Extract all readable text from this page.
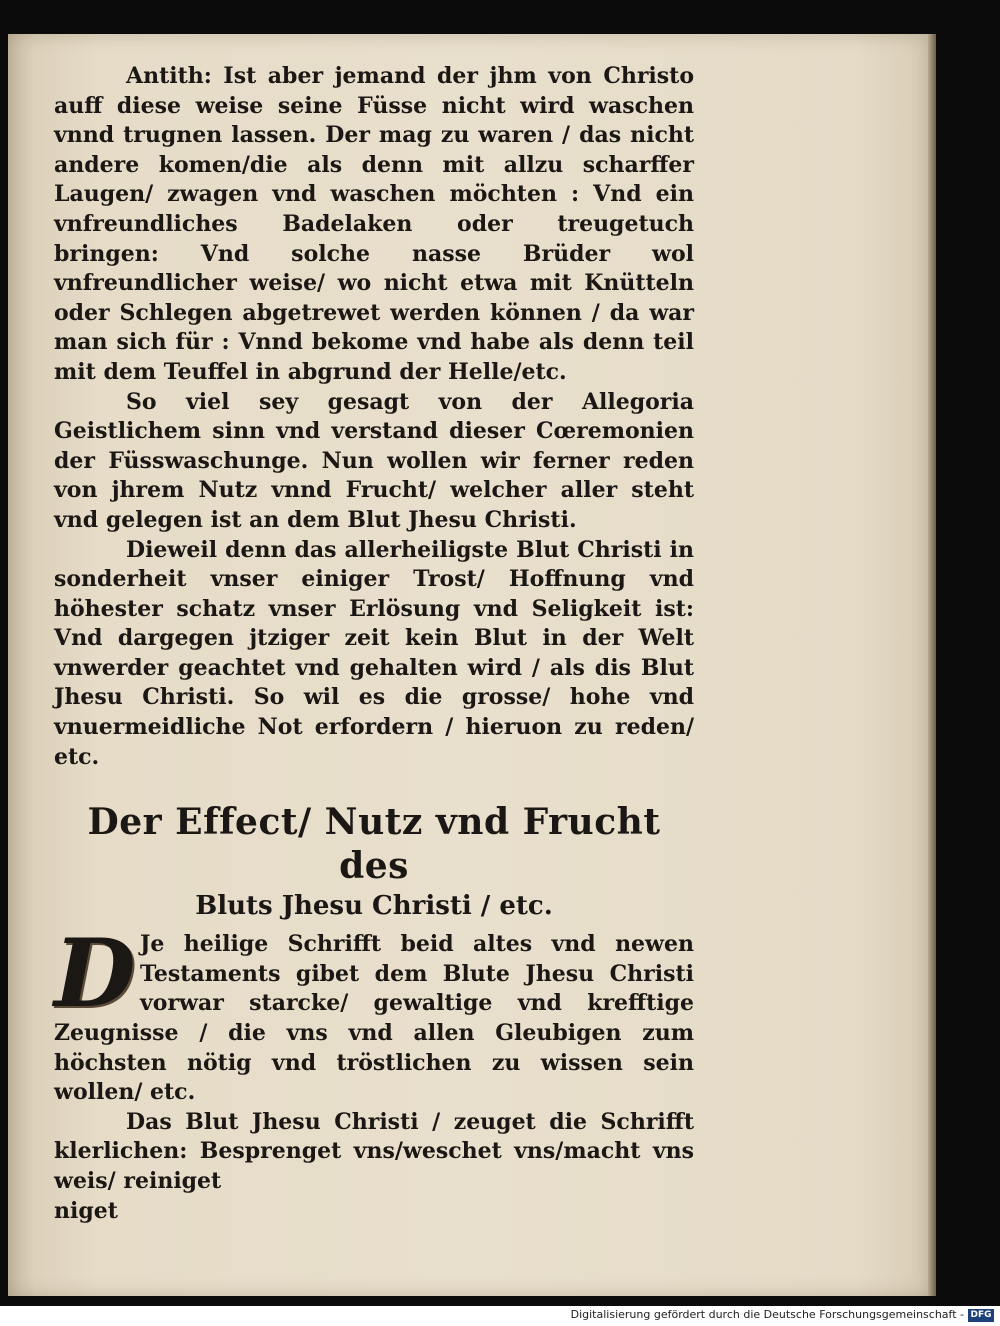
Antith: Ist aber jemand der jhm von Christo auff diese weise seine Füsse nicht wird waschen vnnd trugnen lassen. Der mag zu waren / das nicht andere komen/die als denn mit allzu scharffer Laugen/ zwagen vnd waschen möchten : Vnd ein vnfreundliches Badelaken oder treugetuch bringen: Vnd solche nasse Brüder wol vnfreundlicher weise/ wo nicht etwa mit Knütteln oder Schlegen abgetrewet werden können / da war man sich für : Vnnd bekome vnd habe als denn teil mit dem Teuffel in abgrund der Helle/etc.

So viel sey gesagt von der Allegoria Geistlichem sinn vnd verstand dieser Cœremonien der Füsswaschunge. Nun wollen wir ferner reden von jhrem Nutz vnnd Frucht/ welcher aller steht vnd gelegen ist an dem Blut Jhesu Christi.

Dieweil denn das allerheiligste Blut Christi in sonderheit vnser einiger Trost/ Hoffnung vnd höhester schatz vnser Erlösung vnd Seligkeit ist: Vnd dargegen jtziger zeit kein Blut in der Welt vnwerder geachtet vnd gehalten wird / als dis Blut Jhesu Christi. So wil es die grosse/ hohe vnd vnuermeidliche Not erfordern / hieruon zu reden/ etc.

Der Effect/ Nutz vnd Frucht des
Bluts Jhesu Christi / etc.

D Je heilige Schrifft beid altes vnd newen Testaments gibet dem Blute Jhesu Christi vorwar starcke/ gewaltige vnd krefftige Zeugnisse / die vns vnd allen Gleubigen zum höchsten nötig vnd tröstlichen zu wissen sein wollen/ etc.

Das Blut Jhesu Christi / zeuget die Schrifft klerlichen: Besprenget vns/weschet vns/macht vns weis/ reiniget

niget

Digitalisierung gefördert durch die Deutsche Forschungsgemeinschaft - DFG
